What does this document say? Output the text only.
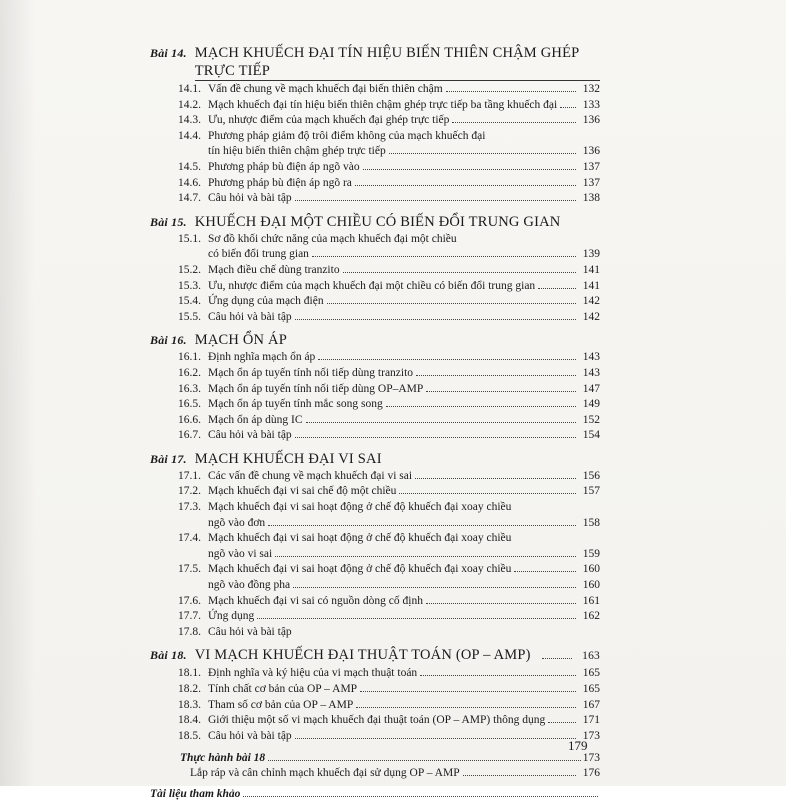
Bài 14. MẠCH KHUẾCH ĐẠI TÍN HIỆU BIẾN THIÊN CHẬM GHÉP TRỰC TIẾP
14.1. Vấn đề chung về mạch khuếch đại biến thiên chậm	132
14.2. Mạch khuếch đại tín hiệu biến thiên chậm ghép trực tiếp ba tầng khuếch đại	133
14.3. Ưu, nhược điểm của mạch khuếch đại ghép trực tiếp	136
14.4. Phương pháp giảm độ trôi điểm không của mạch khuếch đại
tín hiệu biến thiên chậm ghép trực tiếp	136
14.5. Phương pháp bù điện áp ngõ vào	137
14.6. Phương pháp bù điện áp ngõ ra	137
14.7. Câu hỏi và bài tập	138
Bài 15. KHUẾCH ĐẠI MỘT CHIỀU CÓ BIẾN ĐỔI TRUNG GIAN
15.1. Sơ đồ khối chức năng của mạch khuếch đại một chiều
có biến đổi trung gian	139
15.2. Mạch điều chế dùng tranzito	141
15.3. Ưu, nhược điểm của mạch khuếch đại một chiều có biến đổi trung gian	141
15.4. Ứng dụng của mạch điện	142
15.5. Câu hỏi và bài tập	142
Bài 16. MẠCH ỔN ÁP
16.1. Định nghĩa mạch ổn áp	143
16.2. Mạch ổn áp tuyến tính nối tiếp dùng tranzito	143
16.3. Mạch ổn áp tuyến tính nối tiếp dùng OP–AMP	147
16.5. Mạch ổn áp tuyến tính mắc song song	149
16.6. Mạch ổn áp dùng IC	152
16.7. Câu hỏi và bài tập	154
Bài 17. MẠCH KHUẾCH ĐẠI VI SAI
17.1. Các vấn đề chung về mạch khuếch đại vi sai	156
17.2. Mạch khuếch đại vi sai chế độ một chiều	157
17.3. Mạch khuếch đại vi sai hoạt động ở chế độ khuếch đại xoay chiều
ngõ vào đơn	158
17.4. Mạch khuếch đại vi sai hoạt động ở chế độ khuếch đại xoay chiều
ngõ vào vi sai	159
17.5. Mạch khuếch đại vi sai hoạt động ở chế độ khuếch đại xoay chiều	160
ngõ vào đồng pha	160
17.6. Mạch khuếch đại vi sai có nguồn dòng cố định	161
17.7. Ứng dụng	162
17.8. Câu hỏi và bài tập
Bài 18. VI MẠCH KHUẾCH ĐẠI THUẬT TOÁN (OP – AMP)	163
18.1. Định nghĩa và ký hiệu của vi mạch thuật toán	165
18.2. Tính chất cơ bản của OP – AMP	165
18.3. Tham số cơ bản của OP – AMP	167
18.4. Giới thiệu một số vi mạch khuếch đại thuật toán (OP – AMP) thông dụng	171
18.5. Câu hỏi và bài tập	173
Thực hành bài 18	173
Lắp ráp và cân chỉnh mạch khuếch đại sử dụng OP – AMP	176
Tài liệu tham khảo
179
